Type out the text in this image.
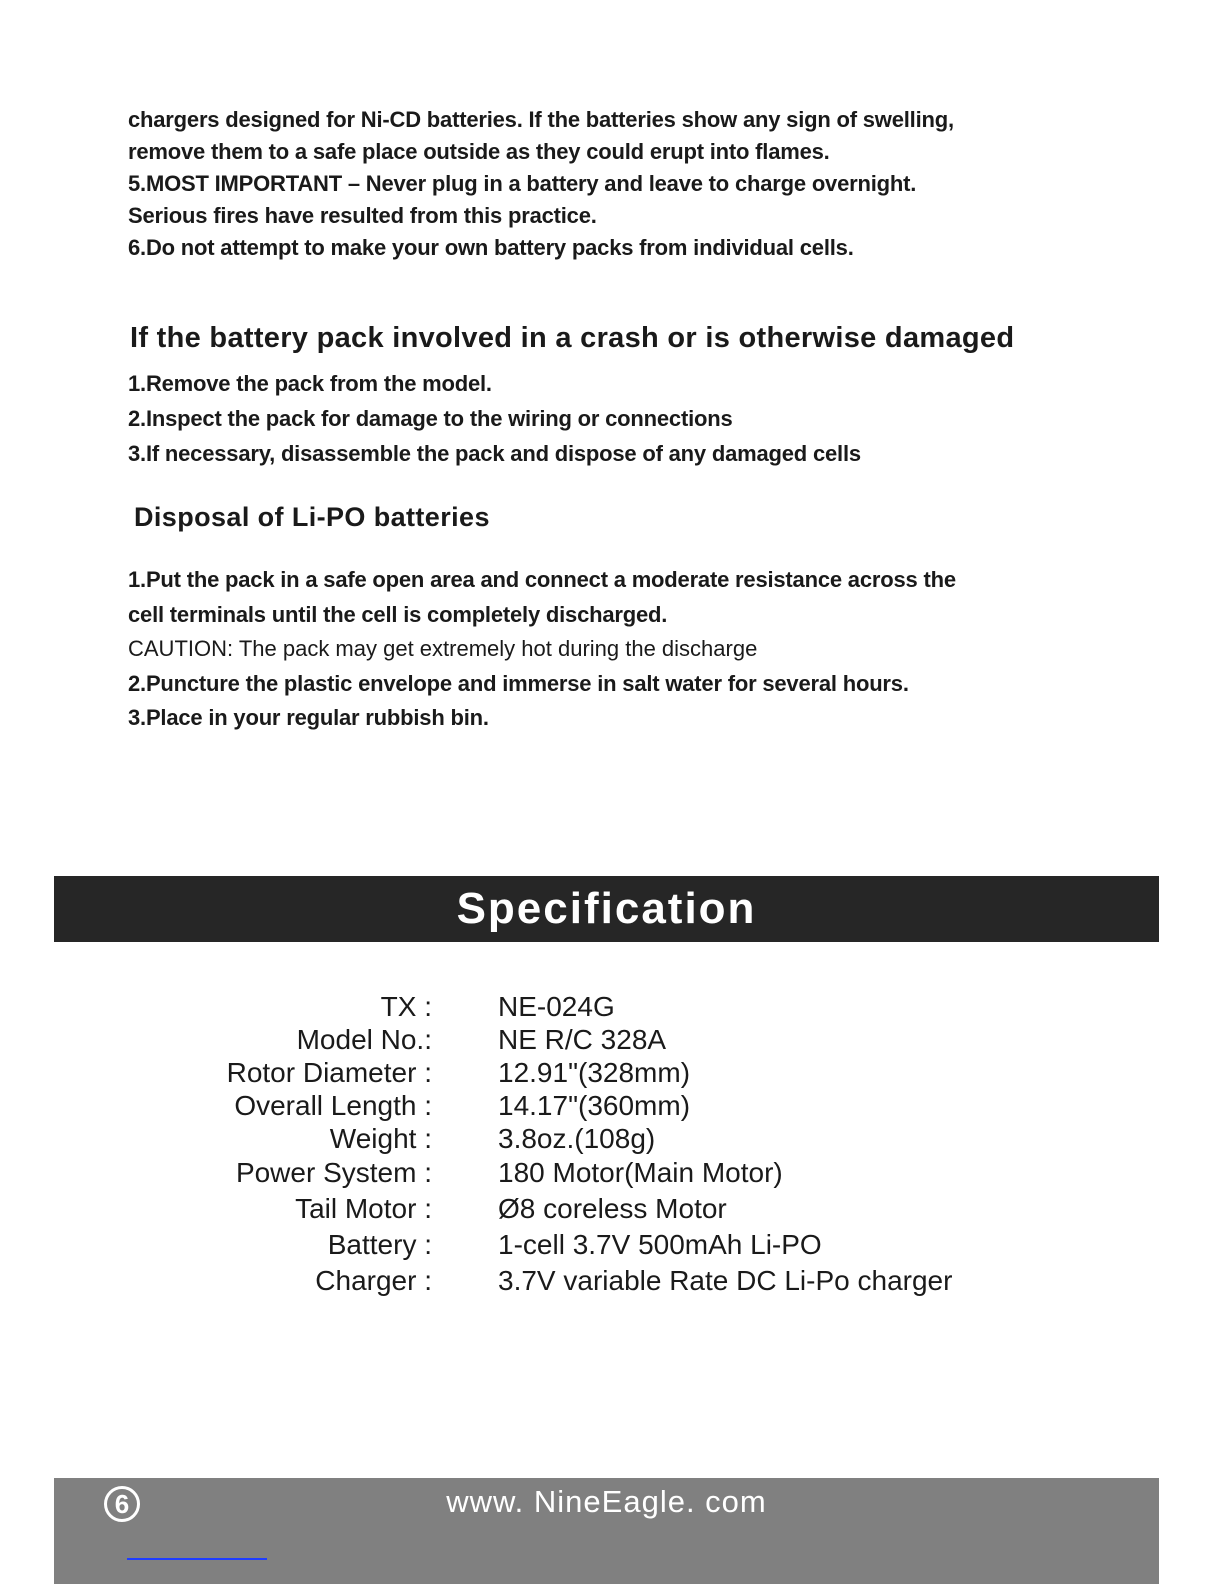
chargers designed for Ni-CD batteries. If the batteries show any sign of swelling,

remove them to a safe place outside as they could erupt into flames.

5.MOST IMPORTANT – Never plug in a battery and leave to charge overnight.

Serious fires have resulted from this practice.

6.Do not attempt to make your own battery packs from individual cells.

If the battery pack involved in a crash or is otherwise damaged

1.Remove the pack from the model.

2.Inspect the pack for damage to the wiring or connections

3.If necessary, disassemble the pack and dispose of any damaged cells

Disposal of Li-PO batteries

1.Put the pack in a safe open area and connect a moderate resistance across the

cell terminals until the cell is completely discharged.

CAUTION: The pack may get extremely hot during the discharge

2.Puncture the plastic envelope and immerse in salt water for several hours.

3.Place in your regular rubbish bin.

Specification
TX : NE-024G
Model No.: NE R/C 328A
Rotor Diameter : 12.91"(328mm)
Overall Length : 14.17"(360mm)
Weight : 3.8oz.(108g)
Power System : 180 Motor(Main Motor)
Tail Motor : Ø8 coreless Motor
Battery : 1-cell 3.7V 500mAh Li-PO
Charger : 3.7V variable Rate DC Li-Po charger
6	www. NineEagle. com
